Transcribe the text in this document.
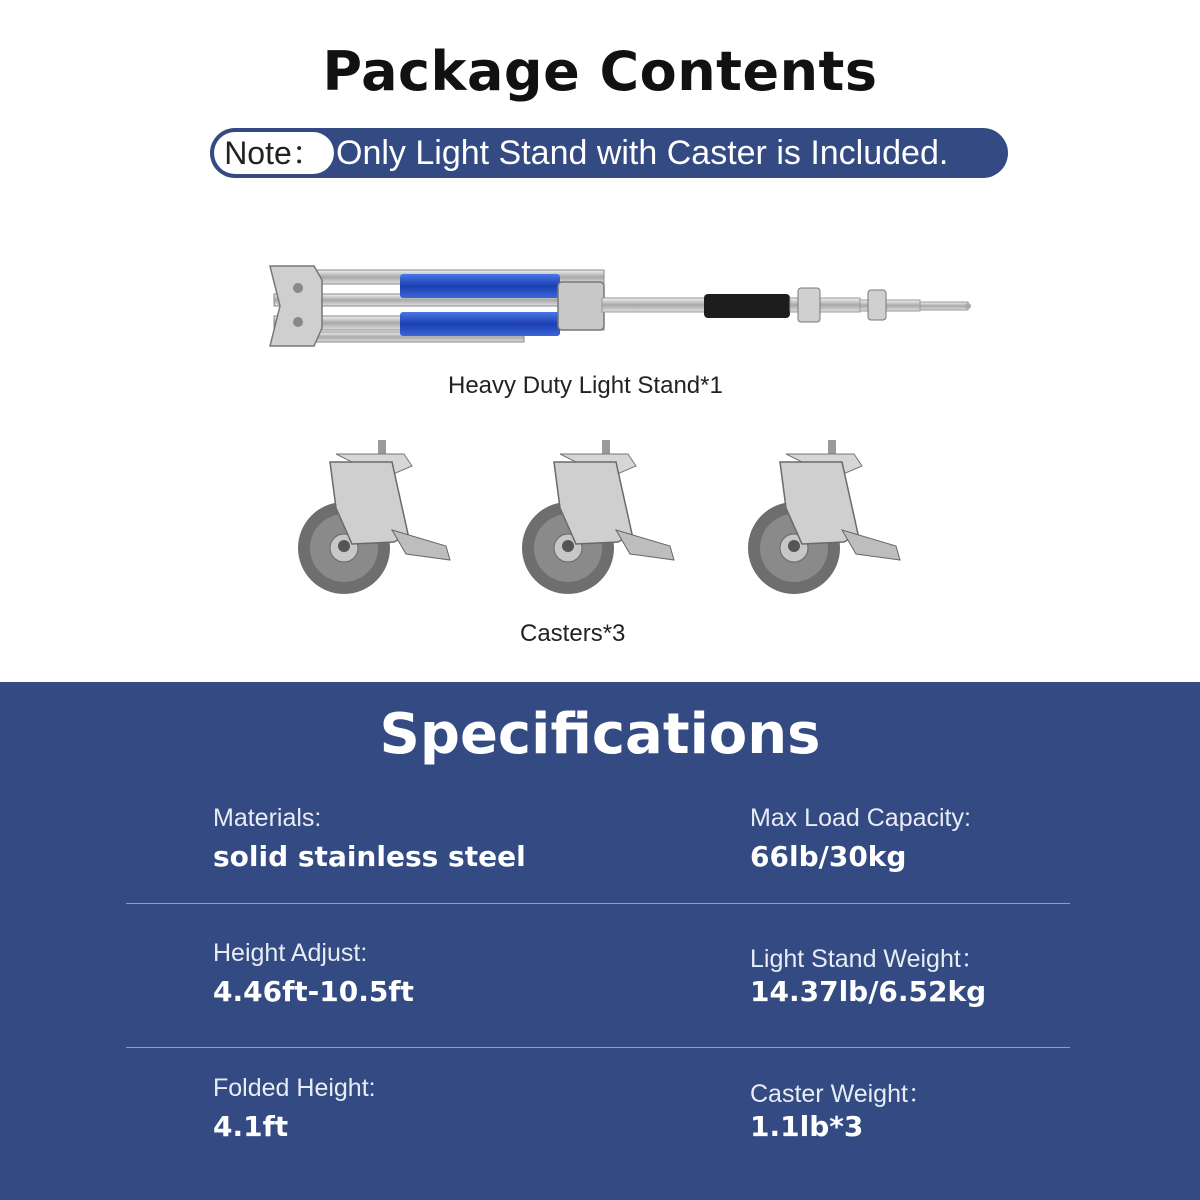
Package Contents
Note： Only Light Stand with Caster is Included.
Heavy Duty Light Stand*1
Casters*3
Specifications
Materials:
solid stainless steel
Max Load Capacity:
66lb/30kg
Height Adjust:
4.46ft-10.5ft
Light Stand Weight：
14.37lb/6.52kg
Folded Height:
4.1ft
Caster Weight：
1.1lb*3
